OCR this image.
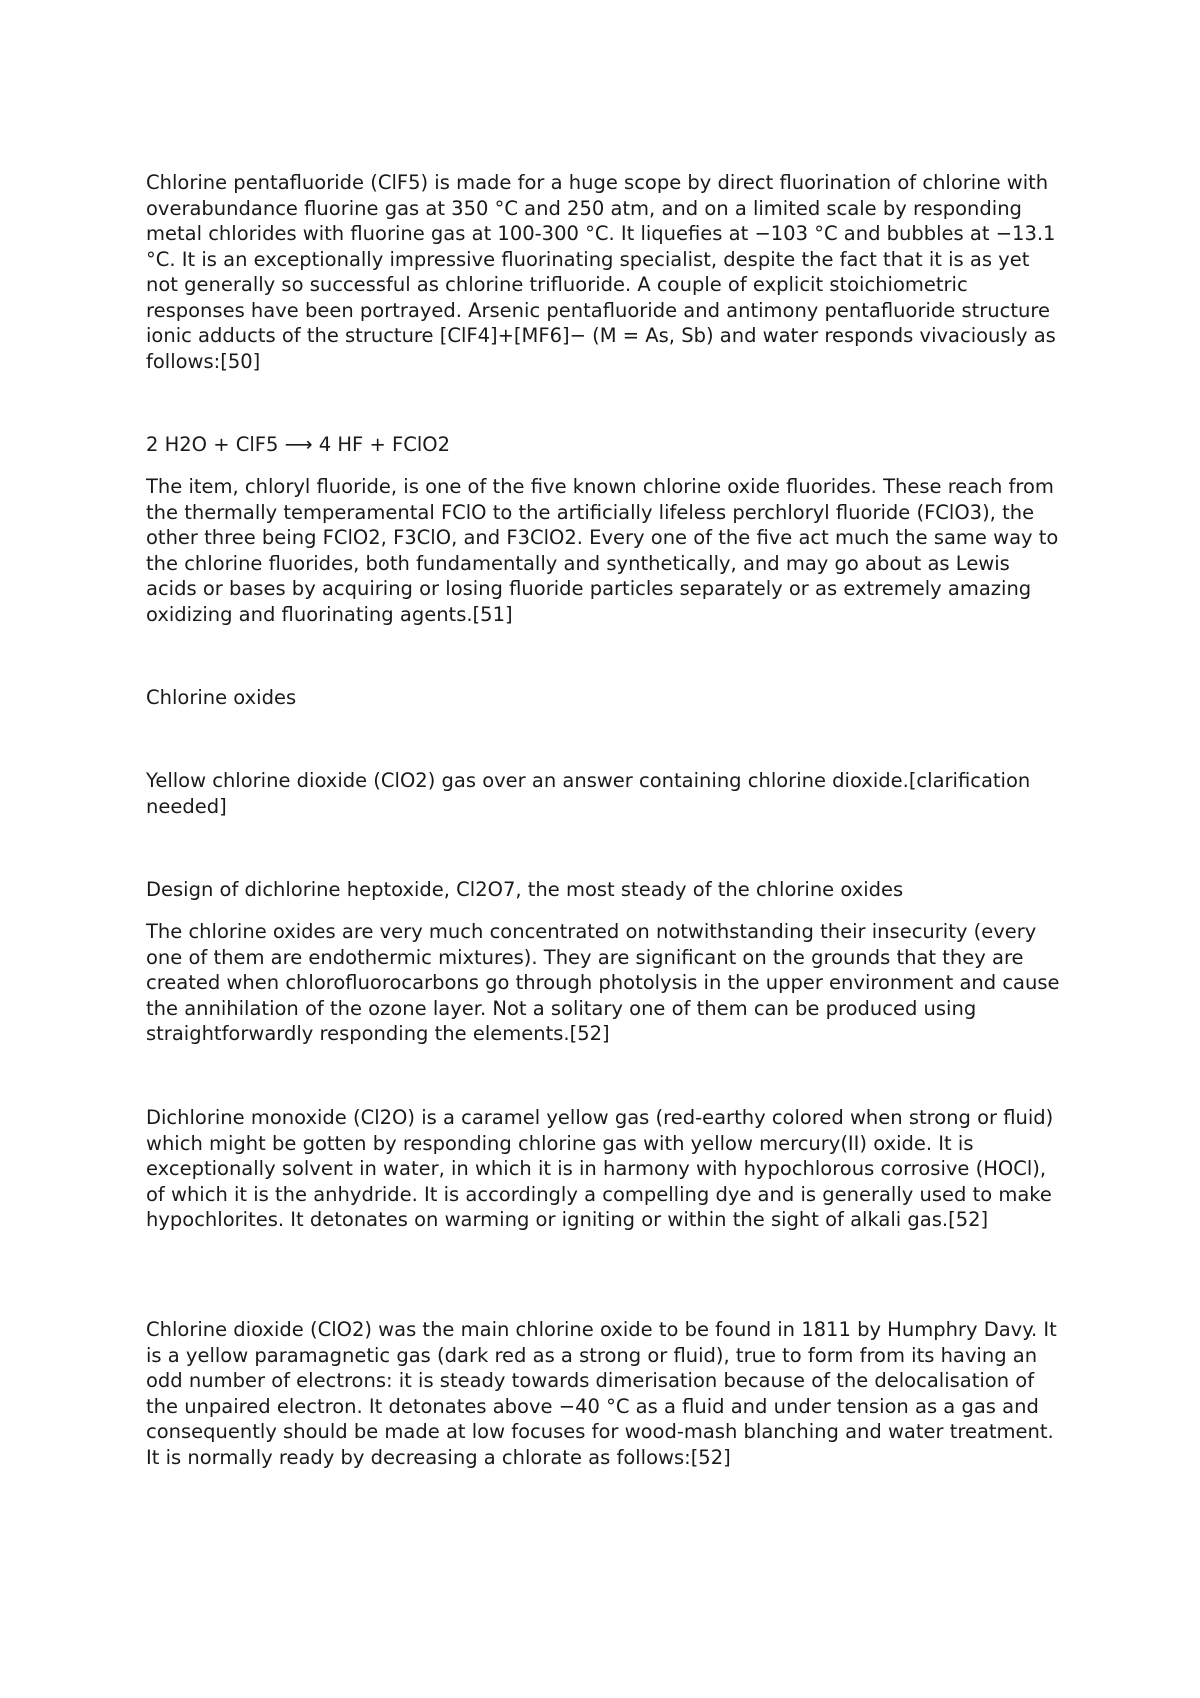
Chlorine pentafluoride (ClF5) is made for a huge scope by direct fluorination of chlorine with overabundance fluorine gas at 350 °C and 250 atm, and on a limited scale by responding metal chlorides with fluorine gas at 100-300 °C. It liquefies at −103 °C and bubbles at −13.1 °C. It is an exceptionally impressive fluorinating specialist, despite the fact that it is as yet not generally so successful as chlorine trifluoride. A couple of explicit stoichiometric responses have been portrayed. Arsenic pentafluoride and antimony pentafluoride structure ionic adducts of the structure [ClF4]+[MF6]− (M = As, Sb) and water responds vivaciously as follows:[50]

2 H2O + ClF5 ⟶ 4 HF + FClO2

The item, chloryl fluoride, is one of the five known chlorine oxide fluorides. These reach from the thermally temperamental FClO to the artificially lifeless perchloryl fluoride (FClO3), the other three being FClO2, F3ClO, and F3ClO2. Every one of the five act much the same way to the chlorine fluorides, both fundamentally and synthetically, and may go about as Lewis acids or bases by acquiring or losing fluoride particles separately or as extremely amazing oxidizing and fluorinating agents.[51]

Chlorine oxides

Yellow chlorine dioxide (ClO2) gas over an answer containing chlorine dioxide.[clarification needed]

Design of dichlorine heptoxide, Cl2O7, the most steady of the chlorine oxides

The chlorine oxides are very much concentrated on notwithstanding their insecurity (every one of them are endothermic mixtures). They are significant on the grounds that they are created when chlorofluorocarbons go through photolysis in the upper environment and cause the annihilation of the ozone layer. Not a solitary one of them can be produced using straightforwardly responding the elements.[52]

Dichlorine monoxide (Cl2O) is a caramel yellow gas (red-earthy colored when strong or fluid) which might be gotten by responding chlorine gas with yellow mercury(II) oxide. It is exceptionally solvent in water, in which it is in harmony with hypochlorous corrosive (HOCl), of which it is the anhydride. It is accordingly a compelling dye and is generally used to make hypochlorites. It detonates on warming or igniting or within the sight of alkali gas.[52]

Chlorine dioxide (ClO2) was the main chlorine oxide to be found in 1811 by Humphry Davy. It is a yellow paramagnetic gas (dark red as a strong or fluid), true to form from its having an odd number of electrons: it is steady towards dimerisation because of the delocalisation of the unpaired electron. It detonates above −40 °C as a fluid and under tension as a gas and consequently should be made at low focuses for wood-mash blanching and water treatment. It is normally ready by decreasing a chlorate as follows:[52]
